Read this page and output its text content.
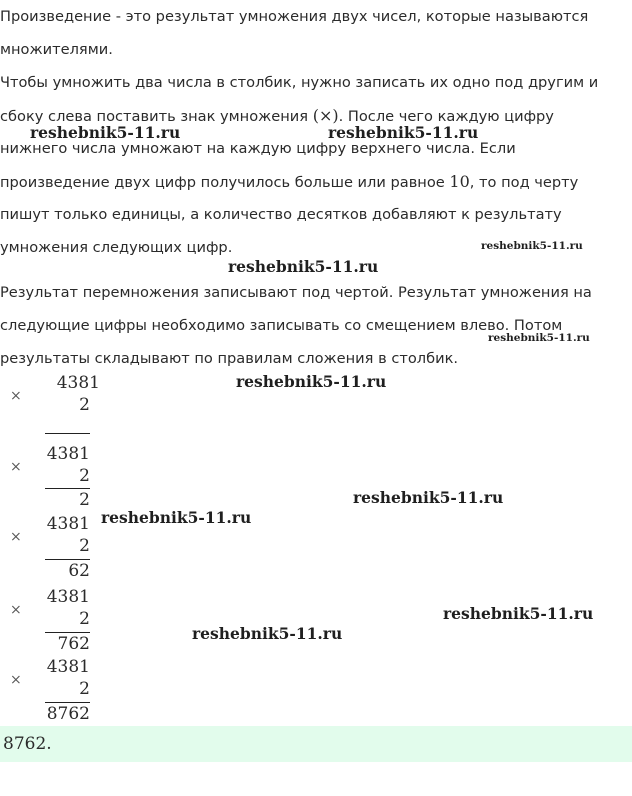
Произведение - это результат умножения двух чисел, которые называются

множителями.

Чтобы умножить два числа в столбик, нужно записать их одно под другим и

сбоку слева поставить знак умножения (×). После чего каждую цифру

нижнего числа умножают на каждую цифру верхнего числа. Если

произведение двух цифр получилось больше или равное 10, то под черту

пишут только единицы, а количество десятков добавляют к результату

умножения следующих цифр.

Результат перемножения записывают под чертой. Результат умножения на

следующие цифры необходимо записывать со смещением влево. Потом

результаты складывают по правилам сложения в столбик.

×
4381
2
×
4381
2
2
×
4381
2
62
×
4381
2
762
×
4381
2
8762
reshebnik5-11.ru	reshebnik5-11.ru
reshebnik5-11.ru
reshebnik5-11.ru
reshebnik5-11.ru
reshebnik5-11.ru
reshebnik5-11.ru
reshebnik5-11.ru
reshebnik5-11.ru
reshebnik5-11.ru
8762.
